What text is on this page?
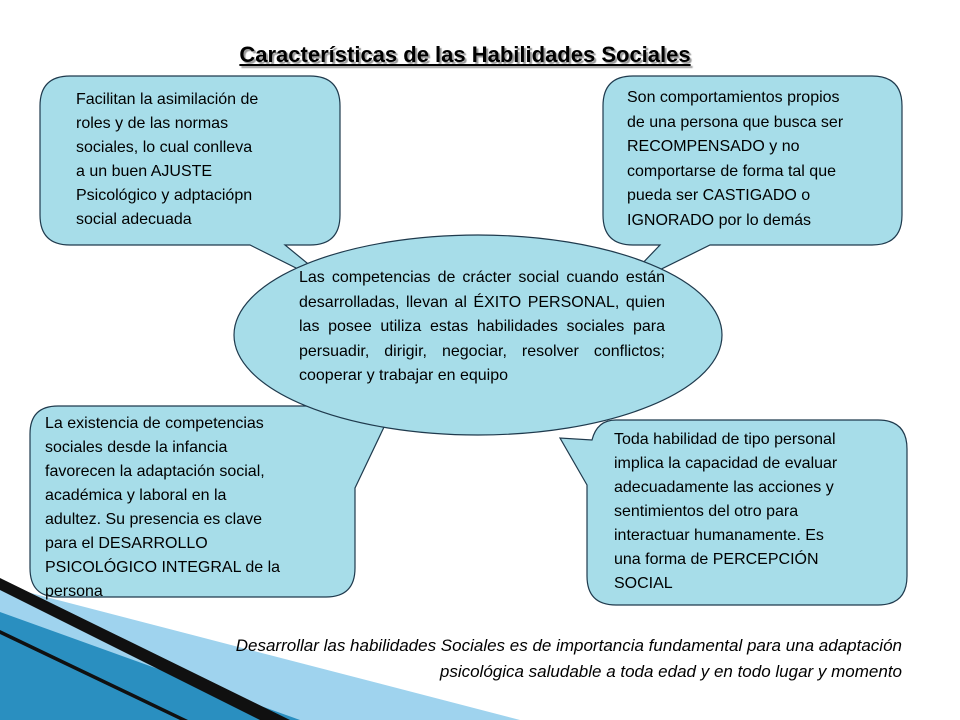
Características de las Habilidades Sociales
Facilitan la asimilación de
roles y de las normas
sociales, lo cual conlleva
a un buen AJUSTE
Psicológico y adptaciópn
social adecuada
Son comportamientos propios
de una persona que busca ser
RECOMPENSADO y no
comportarse de forma tal que
pueda ser CASTIGADO o
IGNORADO por lo demás
Las competencias de crácter social cuando están desarrolladas, llevan al ÉXITO PERSONAL, quien las posee utiliza estas habilidades sociales para persuadir, dirigir, negociar, resolver conflictos; cooperar y trabajar en equipo
La existencia de competencias
sociales desde la infancia
favorecen la adaptación social,
académica y laboral en la
adultez. Su presencia es clave
para el DESARROLLO
PSICOLÓGICO INTEGRAL de la
persona
Toda habilidad de tipo personal
implica la capacidad de evaluar
adecuadamente las acciones y
sentimientos del otro para
interactuar humanamente. Es
una forma de PERCEPCIÓN
SOCIAL
Desarrollar las habilidades Sociales es de importancia fundamental para una adaptación
psicológica saludable a toda edad y en todo lugar y momento
